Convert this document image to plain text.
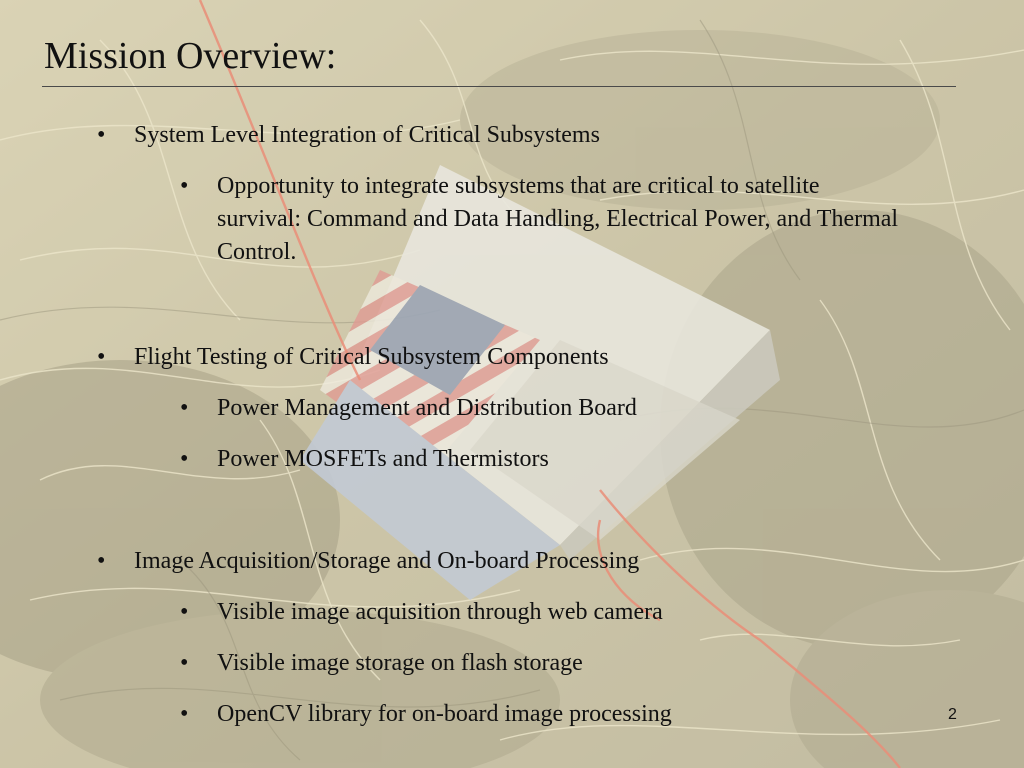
Mission Overview:
• System Level Integration of Critical Subsystems
• Opportunity to integrate subsystems that are critical to satellite survival: Command and Data Handling, Electrical Power, and Thermal Control.
• Flight Testing of Critical Subsystem Components
• Power Management and Distribution Board
• Power MOSFETs and Thermistors
• Image Acquisition/Storage and On-board Processing
• Visible image acquisition through web camera
• Visible image storage on flash storage
• OpenCV library for on-board image processing	2
